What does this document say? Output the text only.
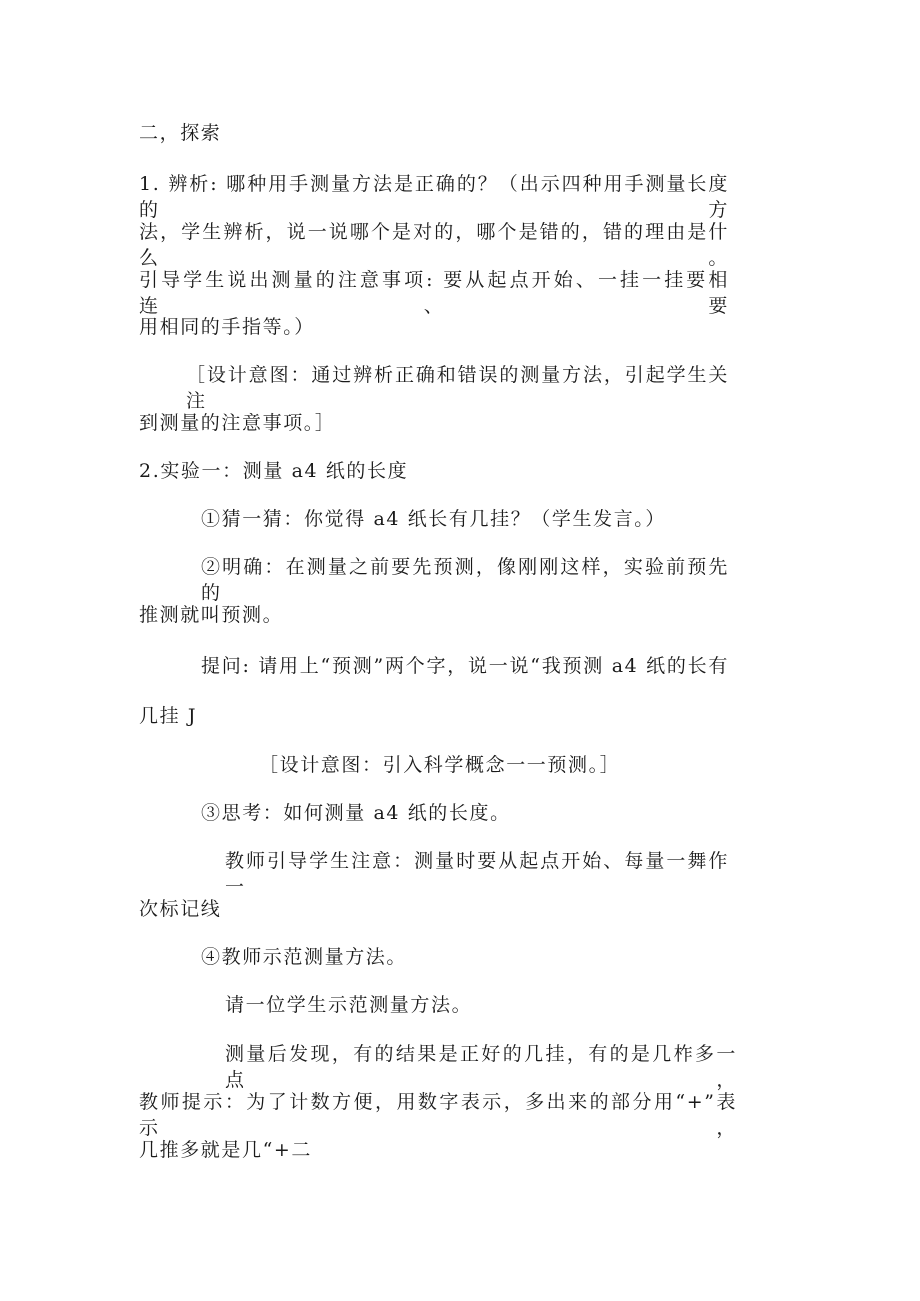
二，探索
1. 辨析: 哪种用手测量方法是正确的？（出示四种用手测量长度的方
法，学生辨析，说一说哪个是对的，哪个是错的，错的理由是什么。
引导学生说出测量的注意事项: 要从起点开始、一挂一挂要相连、要
用相同的手指等。）
［设计意图：通过辨析正确和错误的测量方法，引起学生关注
到测量的注意事项。］
2.实验一：测量 a4 纸的长度
①猜一猜：你觉得 a4 纸长有几挂？（学生发言。）
②明确：在测量之前要先预测，像刚刚这样，实验前预先的
推测就叫预测。
提问: 请用上“预测”两个字，说一说“我预测 a4 纸的长有
几挂 J
［设计意图：引入科学概念一一预测。］
③思考：如何测量 a4 纸的长度。
教师引导学生注意：测量时要从起点开始、每量一舞作一
次标记线
④教师示范测量方法。
请一位学生示范测量方法。
测量后发现，有的结果是正好的几挂，有的是几柞多一点，
教师提示：为了计数方便，用数字表示，多出来的部分用“+”表示，
几推多就是几“+二
